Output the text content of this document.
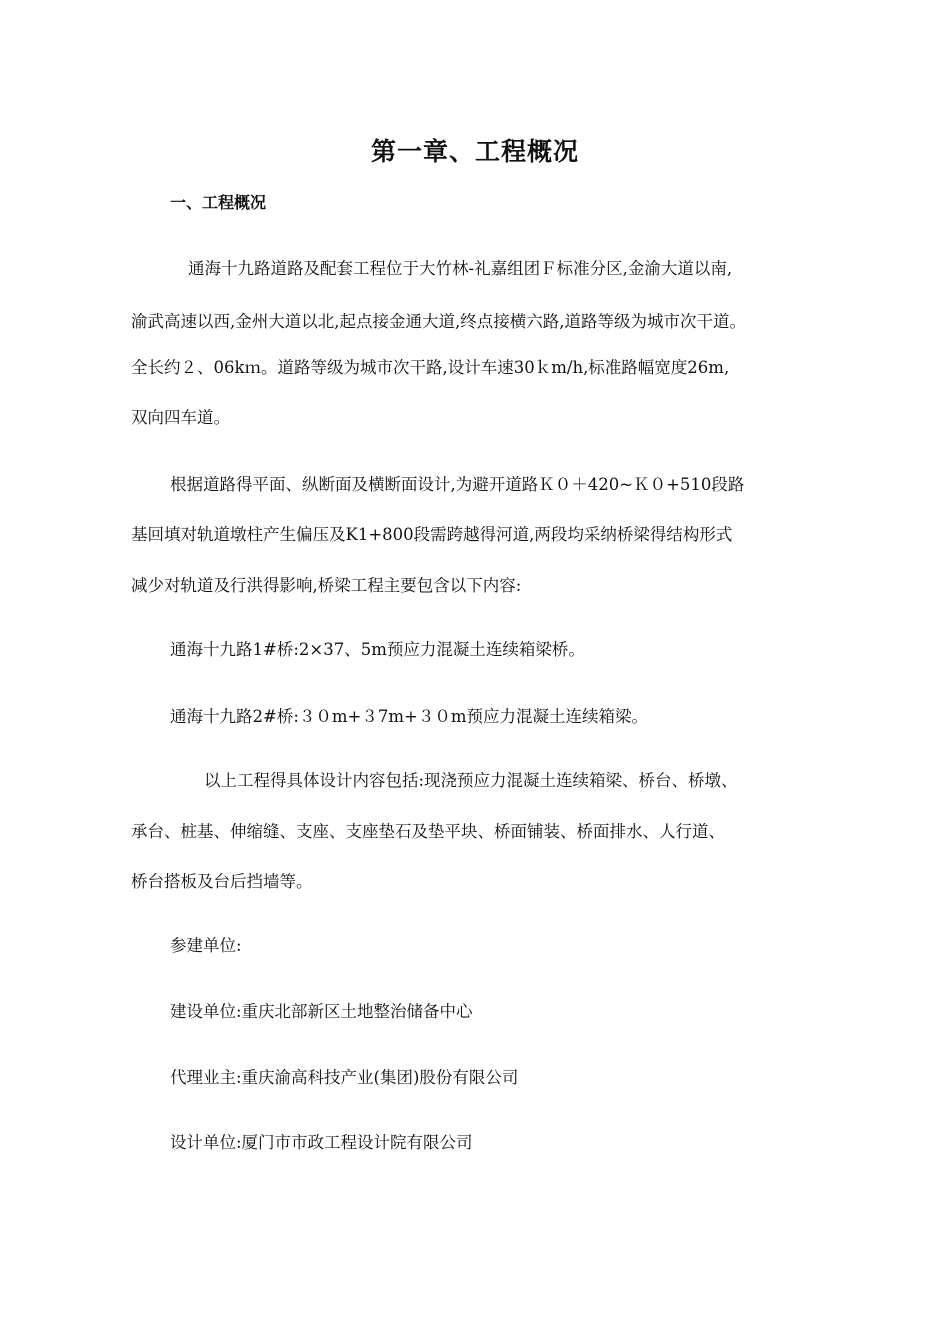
第一章、工程概况
一、工程概况
通海十九路道路及配套工程位于大竹林-礼嘉组团Ｆ标准分区,金渝大道以南,
渝武高速以西,金州大道以北,起点接金通大道,终点接横六路,道路等级为城市次干道。
全长约２、06kｍ。道路等级为城市次干路,设计车速30ｋm/h,标准路幅宽度26m,
双向四车道。
根据道路得平面、纵断面及横断面设计,为避开道路Ｋ０＋420~Ｋ０+510段路
基回填对轨道墩柱产生偏压及K1+800段需跨越得河道,两段均采纳桥梁得结构形式
减少对轨道及行洪得影响,桥梁工程主要包含以下内容:
通海十九路1#桥:2×37、5m预应力混凝土连续箱梁桥。
通海十九路2#桥:３０m+３7m+３０m预应力混凝土连续箱梁。
以上工程得具体设计内容包括:现浇预应力混凝土连续箱梁、桥台、桥墩、
承台、桩基、伸缩缝、支座、支座垫石及垫平块、桥面铺装、桥面排水、人行道、
桥台搭板及台后挡墙等。
参建单位:
建设单位:重庆北部新区土地整治储备中心
代理业主:重庆渝高科技产业(集团)股份有限公司
设计单位:厦门市市政工程设计院有限公司
